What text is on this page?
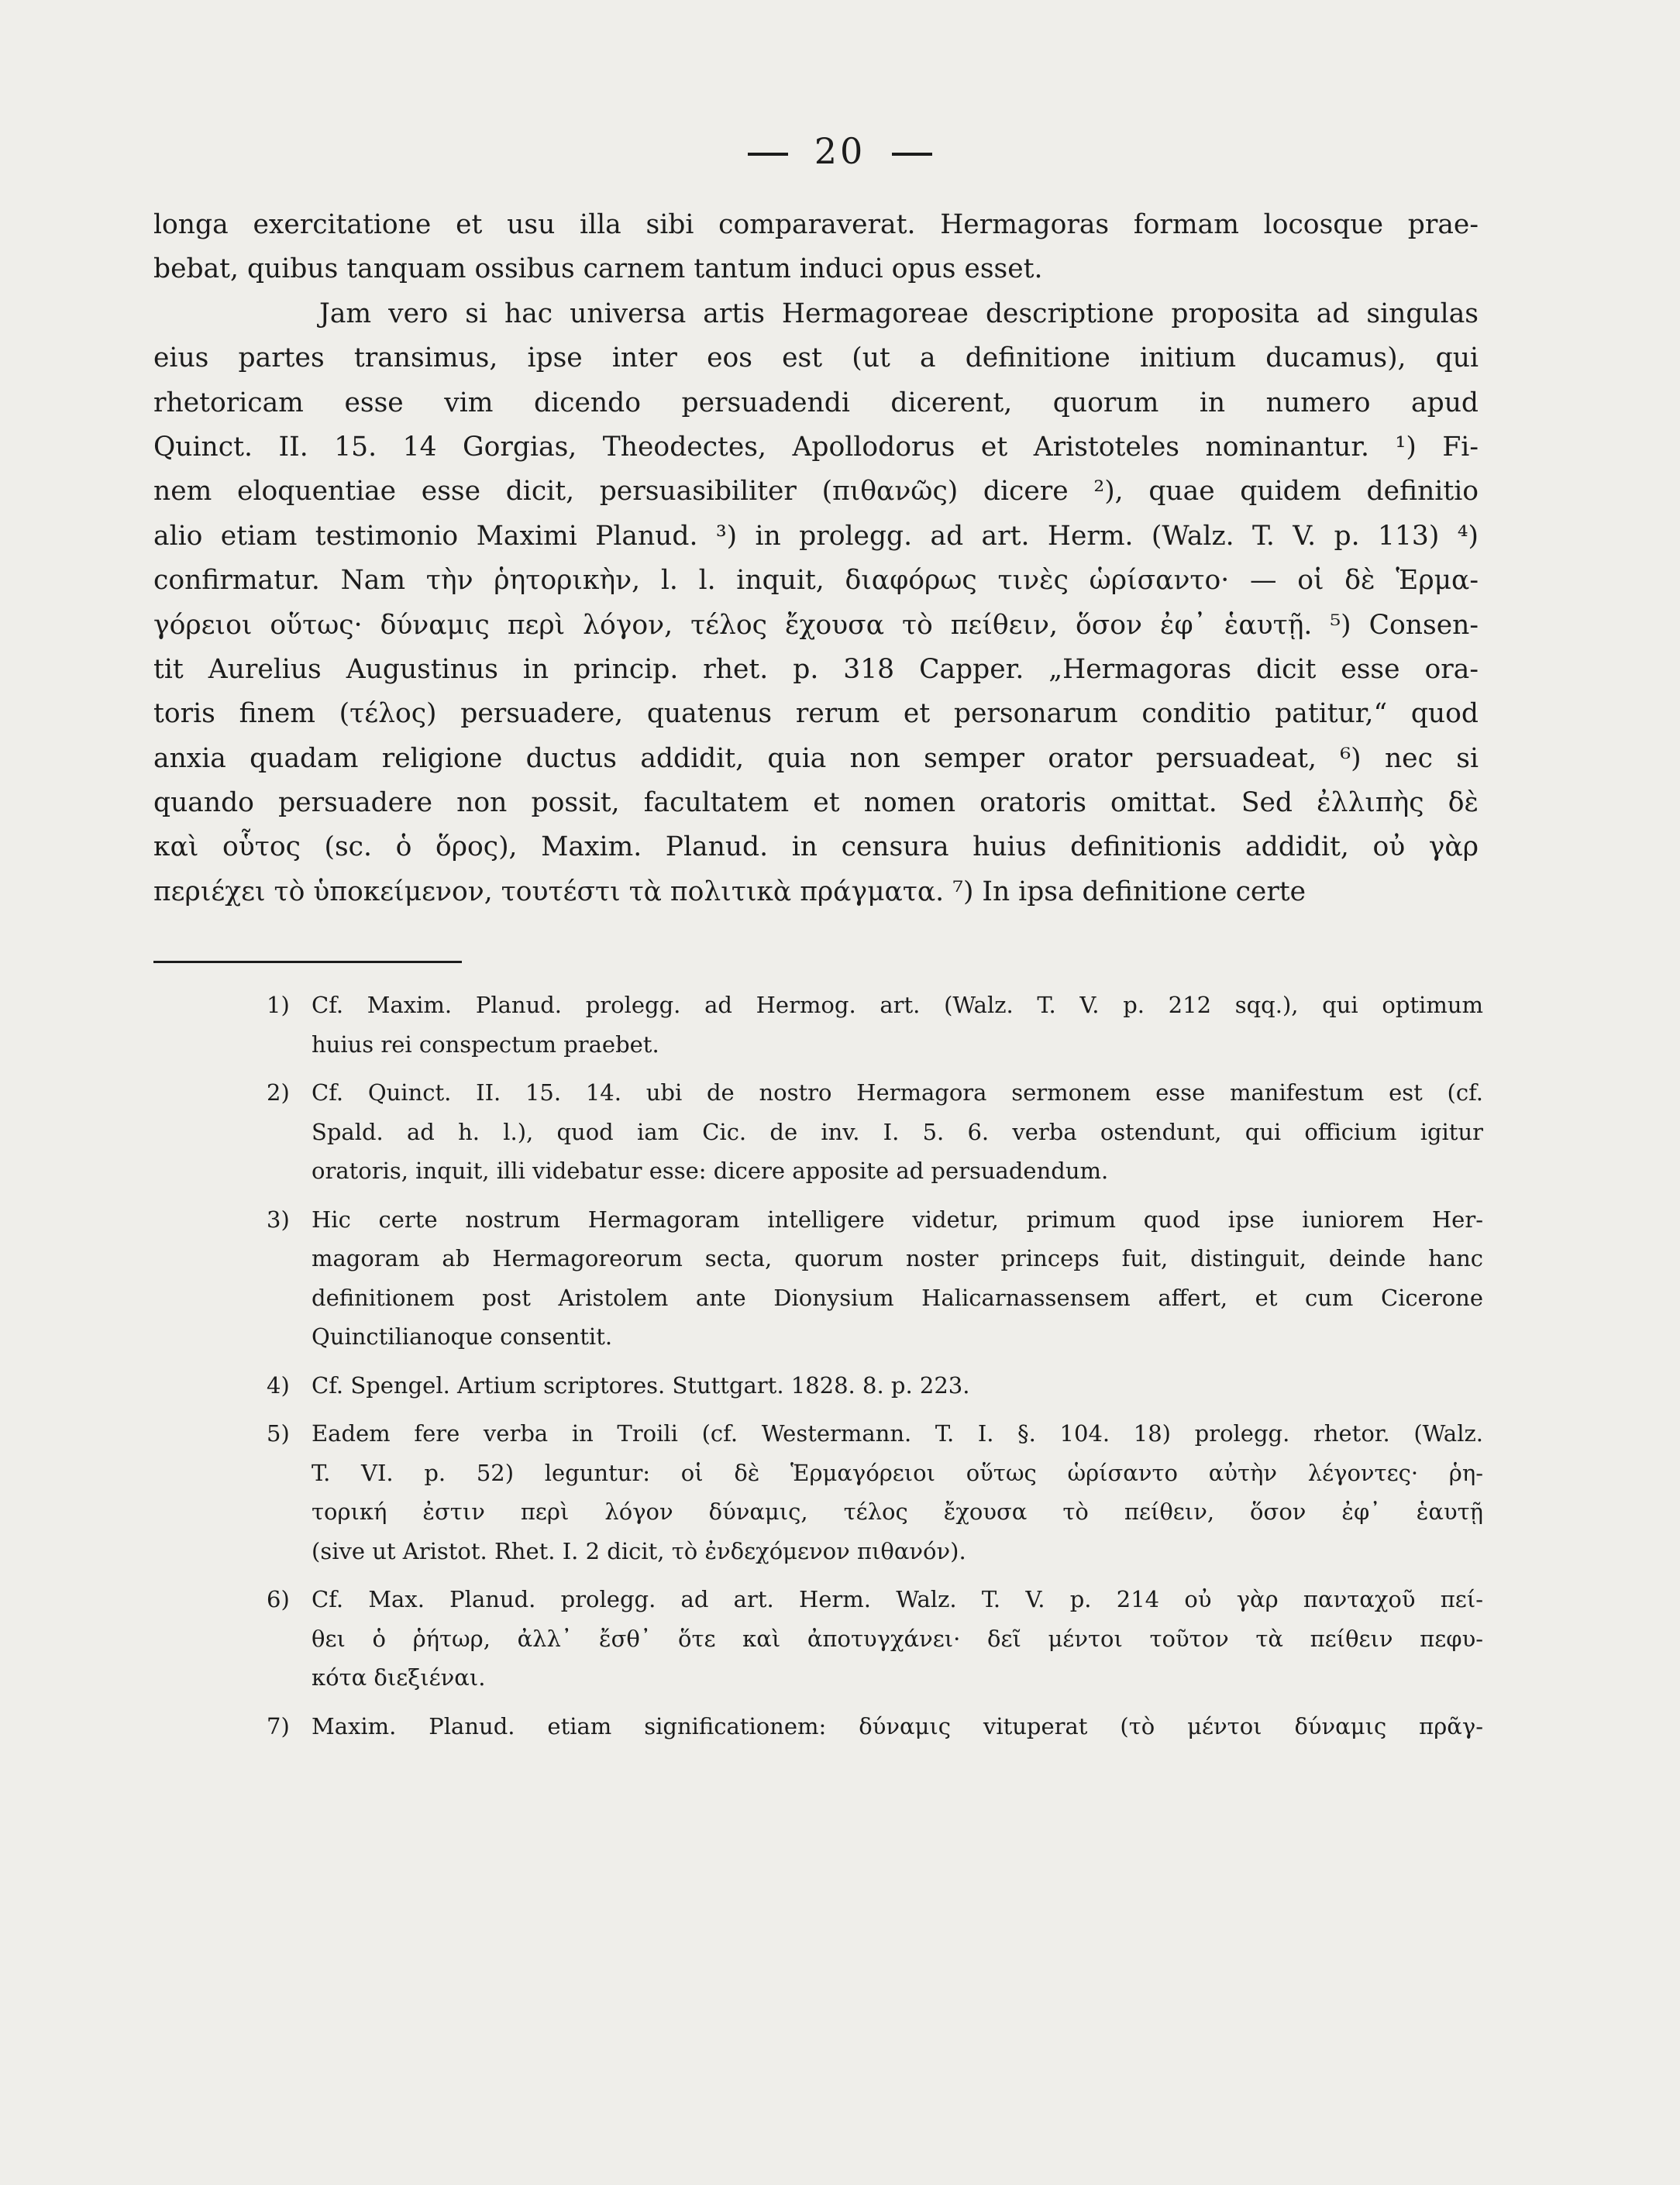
20
longa exercitatione et usu illa sibi comparaverat. Hermagoras formam locosque prae-
bebat, quibus tanquam ossibus carnem tantum induci opus esset.
Jam vero si hac universa artis Hermagoreae descriptione proposita ad singulas
eius partes transimus, ipse inter eos est (ut a definitione initium ducamus), qui
rhetoricam esse vim dicendo persuadendi dicerent, quorum in numero apud
Quinct. II. 15. 14 Gorgias, Theodectes, Apollodorus et Aristoteles nominantur. ¹) Fi-
nem eloquentiae esse dicit, persuasibiliter (πιθανῶς) dicere ²), quae quidem definitio
alio etiam testimonio Maximi Planud. ³) in prolegg. ad art. Herm. (Walz. T. V. p. 113) ⁴)
confirmatur. Nam τὴν ῥητορικὴν, l. l. inquit, διαφόρως τινὲς ὡρίσαντο· — οἱ δὲ Ἑρμα-
γόρειοι οὕτως· δύναμις περὶ λόγον, τέλος ἔχουσα τὸ πείθειν, ὅσον ἐφ᾽ ἑαυτῇ. ⁵) Consen-
tit Aurelius Augustinus in princip. rhet. p. 318 Capper. „Hermagoras dicit esse ora-
toris finem (τέλος) persuadere, quatenus rerum et personarum conditio patitur,“ quod
anxia quadam religione ductus addidit, quia non semper orator persuadeat, ⁶) nec si
quando persuadere non possit, facultatem et nomen oratoris omittat. Sed ἐλλιπὴς δὲ
καὶ οὗτος (sc. ὁ ὅρος), Maxim. Planud. in censura huius definitionis addidit, οὐ γὰρ
περιέχει τὸ ὑποκείμενον, τουτέστι τὰ πολιτικὰ πράγματα. ⁷) In ipsa definitione certe
1) Cf. Maxim. Planud. prolegg. ad Hermog. art. (Walz. T. V. p. 212 sqq.), qui optimum
huius rei conspectum praebet.
2) Cf. Quinct. II. 15. 14. ubi de nostro Hermagora sermonem esse manifestum est (cf.
Spald. ad h. l.), quod iam Cic. de inv. I. 5. 6. verba ostendunt, qui officium igitur
oratoris, inquit, illi videbatur esse: dicere apposite ad persuadendum.
3) Hic certe nostrum Hermagoram intelligere videtur, primum quod ipse iuniorem Her-
magoram ab Hermagoreorum secta, quorum noster princeps fuit, distinguit, deinde hanc
definitionem post Aristolem ante Dionysium Halicarnassensem affert, et cum Cicerone
Quinctilianoque consentit.
4) Cf. Spengel. Artium scriptores. Stuttgart. 1828. 8. p. 223.
5) Eadem fere verba in Troili (cf. Westermann. T. I. §. 104. 18) prolegg. rhetor. (Walz.
T. VI. p. 52) leguntur: οἱ δὲ Ἑρμαγόρειοι οὕτως ὡρίσαντο αὐτὴν λέγοντες· ῥη-
τορική ἐστιν περὶ λόγον δύναμις, τέλος ἔχουσα τὸ πείθειν, ὅσον ἐφ᾽ ἑαυτῇ
(sive ut Aristot. Rhet. I. 2 dicit, τὸ ἐνδεχόμενον πιθανόν).
6) Cf. Max. Planud. prolegg. ad art. Herm. Walz. T. V. p. 214 οὐ γὰρ πανταχοῦ πεί-
θει ὁ ῥήτωρ, ἀλλ᾽ ἔσθ᾽ ὅτε καὶ ἀποτυγχάνει· δεῖ μέντοι τοῦτον τὰ πείθειν πεφυ-
κότα διεξιέναι.
7) Maxim. Planud. etiam significationem: δύναμις vituperat (τὸ μέντοι δύναμις πρᾶγ-
